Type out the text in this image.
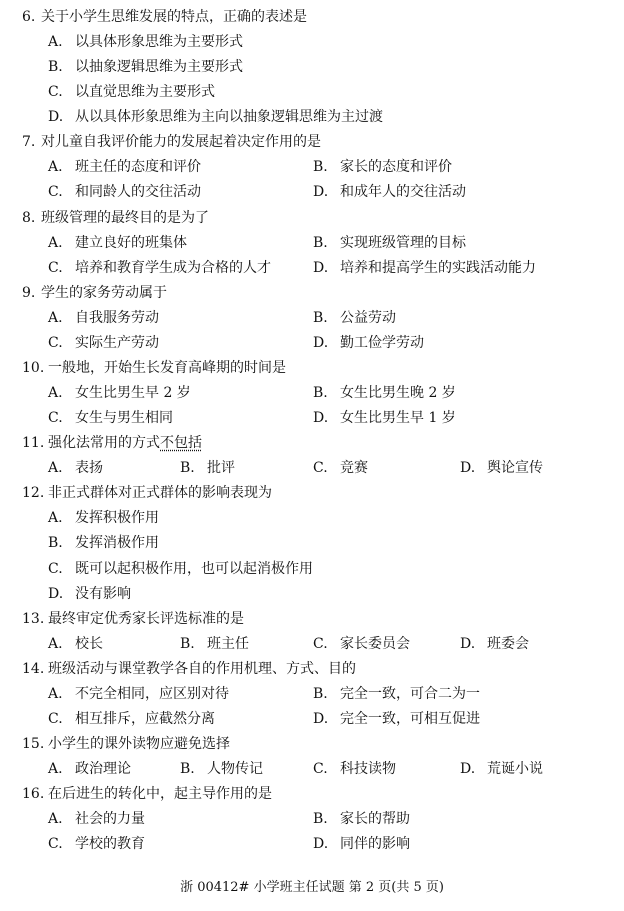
6. 关于小学生思维发展的特点，正确的表述是
A. 以具体形象思维为主要形式
B. 以抽象逻辑思维为主要形式
C. 以直觉思维为主要形式
D. 从以具体形象思维为主向以抽象逻辑思维为主过渡
7. 对儿童自我评价能力的发展起着决定作用的是
A. 班主任的态度和评价	B. 家长的态度和评价
C. 和同龄人的交往活动	D. 和成年人的交往活动
8. 班级管理的最终目的是为了
A. 建立良好的班集体	B. 实现班级管理的目标
C. 培养和教育学生成为合格的人才	D. 培养和提高学生的实践活动能力
9. 学生的家务劳动属于
A. 自我服务劳动	B. 公益劳动
C. 实际生产劳动	D. 勤工俭学劳动
10. 一般地，开始生长发育高峰期的时间是
A. 女生比男生早 2 岁	B. 女生比男生晚 2 岁
C. 女生与男生相同	D. 女生比男生早 1 岁
11. 强化法常用的方式不包括
A. 表扬	B. 批评	C. 竞赛	D. 舆论宣传
12. 非正式群体对正式群体的影响表现为
A. 发挥积极作用
B. 发挥消极作用
C. 既可以起积极作用，也可以起消极作用
D. 没有影响
13. 最终审定优秀家长评选标准的是
A. 校长	B. 班主任	C. 家长委员会	D. 班委会
14. 班级活动与课堂教学各自的作用机理、方式、目的
A. 不完全相同，应区别对待	B. 完全一致，可合二为一
C. 相互排斥，应截然分离	D. 完全一致，可相互促进
15. 小学生的课外读物应避免选择
A. 政治理论	B. 人物传记	C. 科技读物	D. 荒诞小说
16. 在后进生的转化中，起主导作用的是
A. 社会的力量	B. 家长的帮助
C. 学校的教育	D. 同伴的影响
浙 00412# 小学班主任试题 第 2 页(共 5 页)
